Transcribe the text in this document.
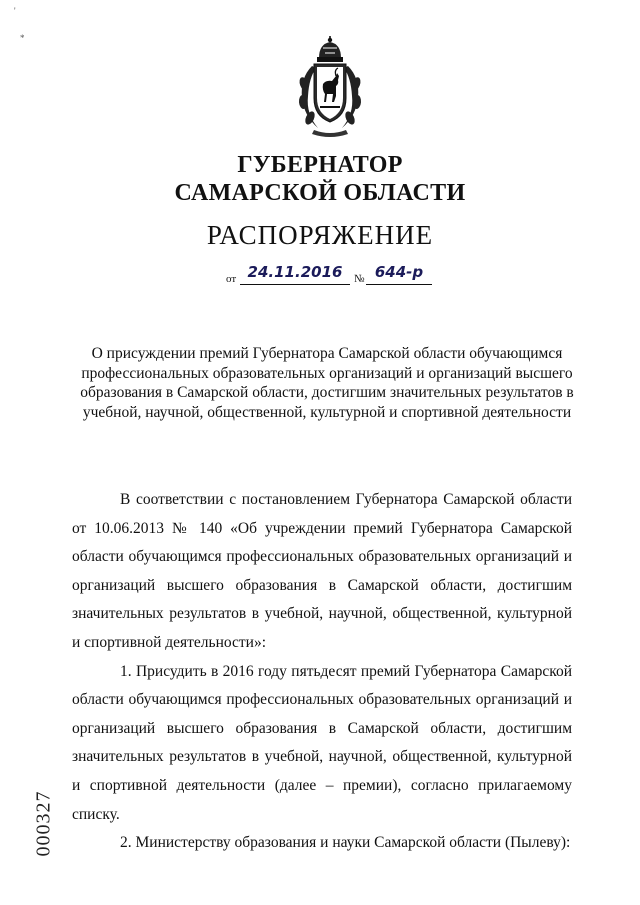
'
*
ГУБЕРНАТОР
САМАРСКОЙ ОБЛАСТИ
РАСПОРЯЖЕНИЕ
от 24.11.2016	№ 644-р
О присуждении премий Губернатора Самарской области обучающимся профессиональных образовательных организаций и организаций высшего образования в Самарской области, достигшим значительных результатов в учебной, научной, общественной, культурной и спортивной деятельности

В соответствии с постановлением Губернатора Самарской области от 10.06.2013 № 140 «Об учреждении премий Губернатора Самарской области обучающимся профессиональных образовательных организаций и организаций высшего образования в Самарской области, достигшим значительных результатов в учебной, научной, общественной, культурной и спортивной деятельности»:

1. Присудить в 2016 году пятьдесят премий Губернатора Самарской области обучающимся профессиональных образовательных организаций и организаций высшего образования в Самарской области, достигшим значительных результатов в учебной, научной, общественной, культурной и спортивной деятельности (далее – премии), согласно прилагаемому списку.

2. Министерству образования и науки Самарской области (Пылеву):

000327
